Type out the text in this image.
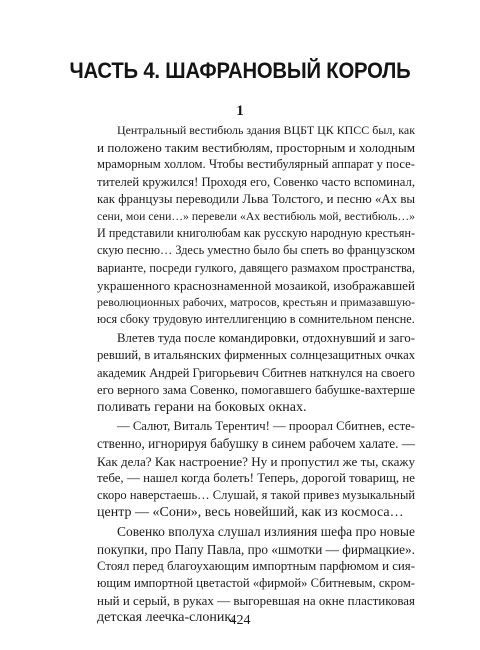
ЧАСТЬ 4. ШАФРАНОВЫЙ КОРОЛЬ
1
Центральный вестибюль здания ВЦБТ ЦК КПСС был, как
и положено таким вестибюлям, просторным и холодным
мраморным холлом. Чтобы вестибулярный аппарат у посе-
тителей кружился! Проходя его, Совенко часто вспоминал,
как французы переводили Льва Толстого, и песню «Ах вы
сени, мои сени…» перевели «Ах вестибюль мой, вестибюль…»
И представили книголюбам как русскую народную крестьян-
скую песню… Здесь уместно было бы спеть во французском
варианте, посреди гулкого, давящего размахом пространства,
украшенного краснознаменной мозаикой, изображавшей
революционных рабочих, матросов, крестьян и примазавшую-
юся сбоку трудовую интеллигенцию в сомнительном пенсне.
Влетев туда после командировки, отдохнувший и заго-
ревший, в итальянских фирменных солнцезащитных очках
академик Андрей Григорьевич Сбитнев наткнулся на своего
его верного зама Совенко, помогавшего бабушке-вахтерше
поливать герани на боковых окнах.
— Салют, Виталь Терентич! — проорал Сбитнев, есте-
ственно, игнорируя бабушку в синем рабочем халате. —
Как дела? Как настроение? Ну и пропустил же ты, скажу
тебе, — нашел когда болеть! Теперь, дорогой товарищ, не
скоро наверстаешь… Слушай, я такой привез музыкальный
центр — «Сони», весь новейший, как из космоса…
Совенко вполуха слушал излияния шефа про новые
покупки, про Папу Павла, про «шмотки — фирмацкие».
Стоял перед благоухающим импортным парфюмом и сия-
ющим импортной цветастой «фирмой» Сбитневым, скром-
ный и серый, в руках — выгоревшая на окне пластиковая
детская леечка-слоник.
424
